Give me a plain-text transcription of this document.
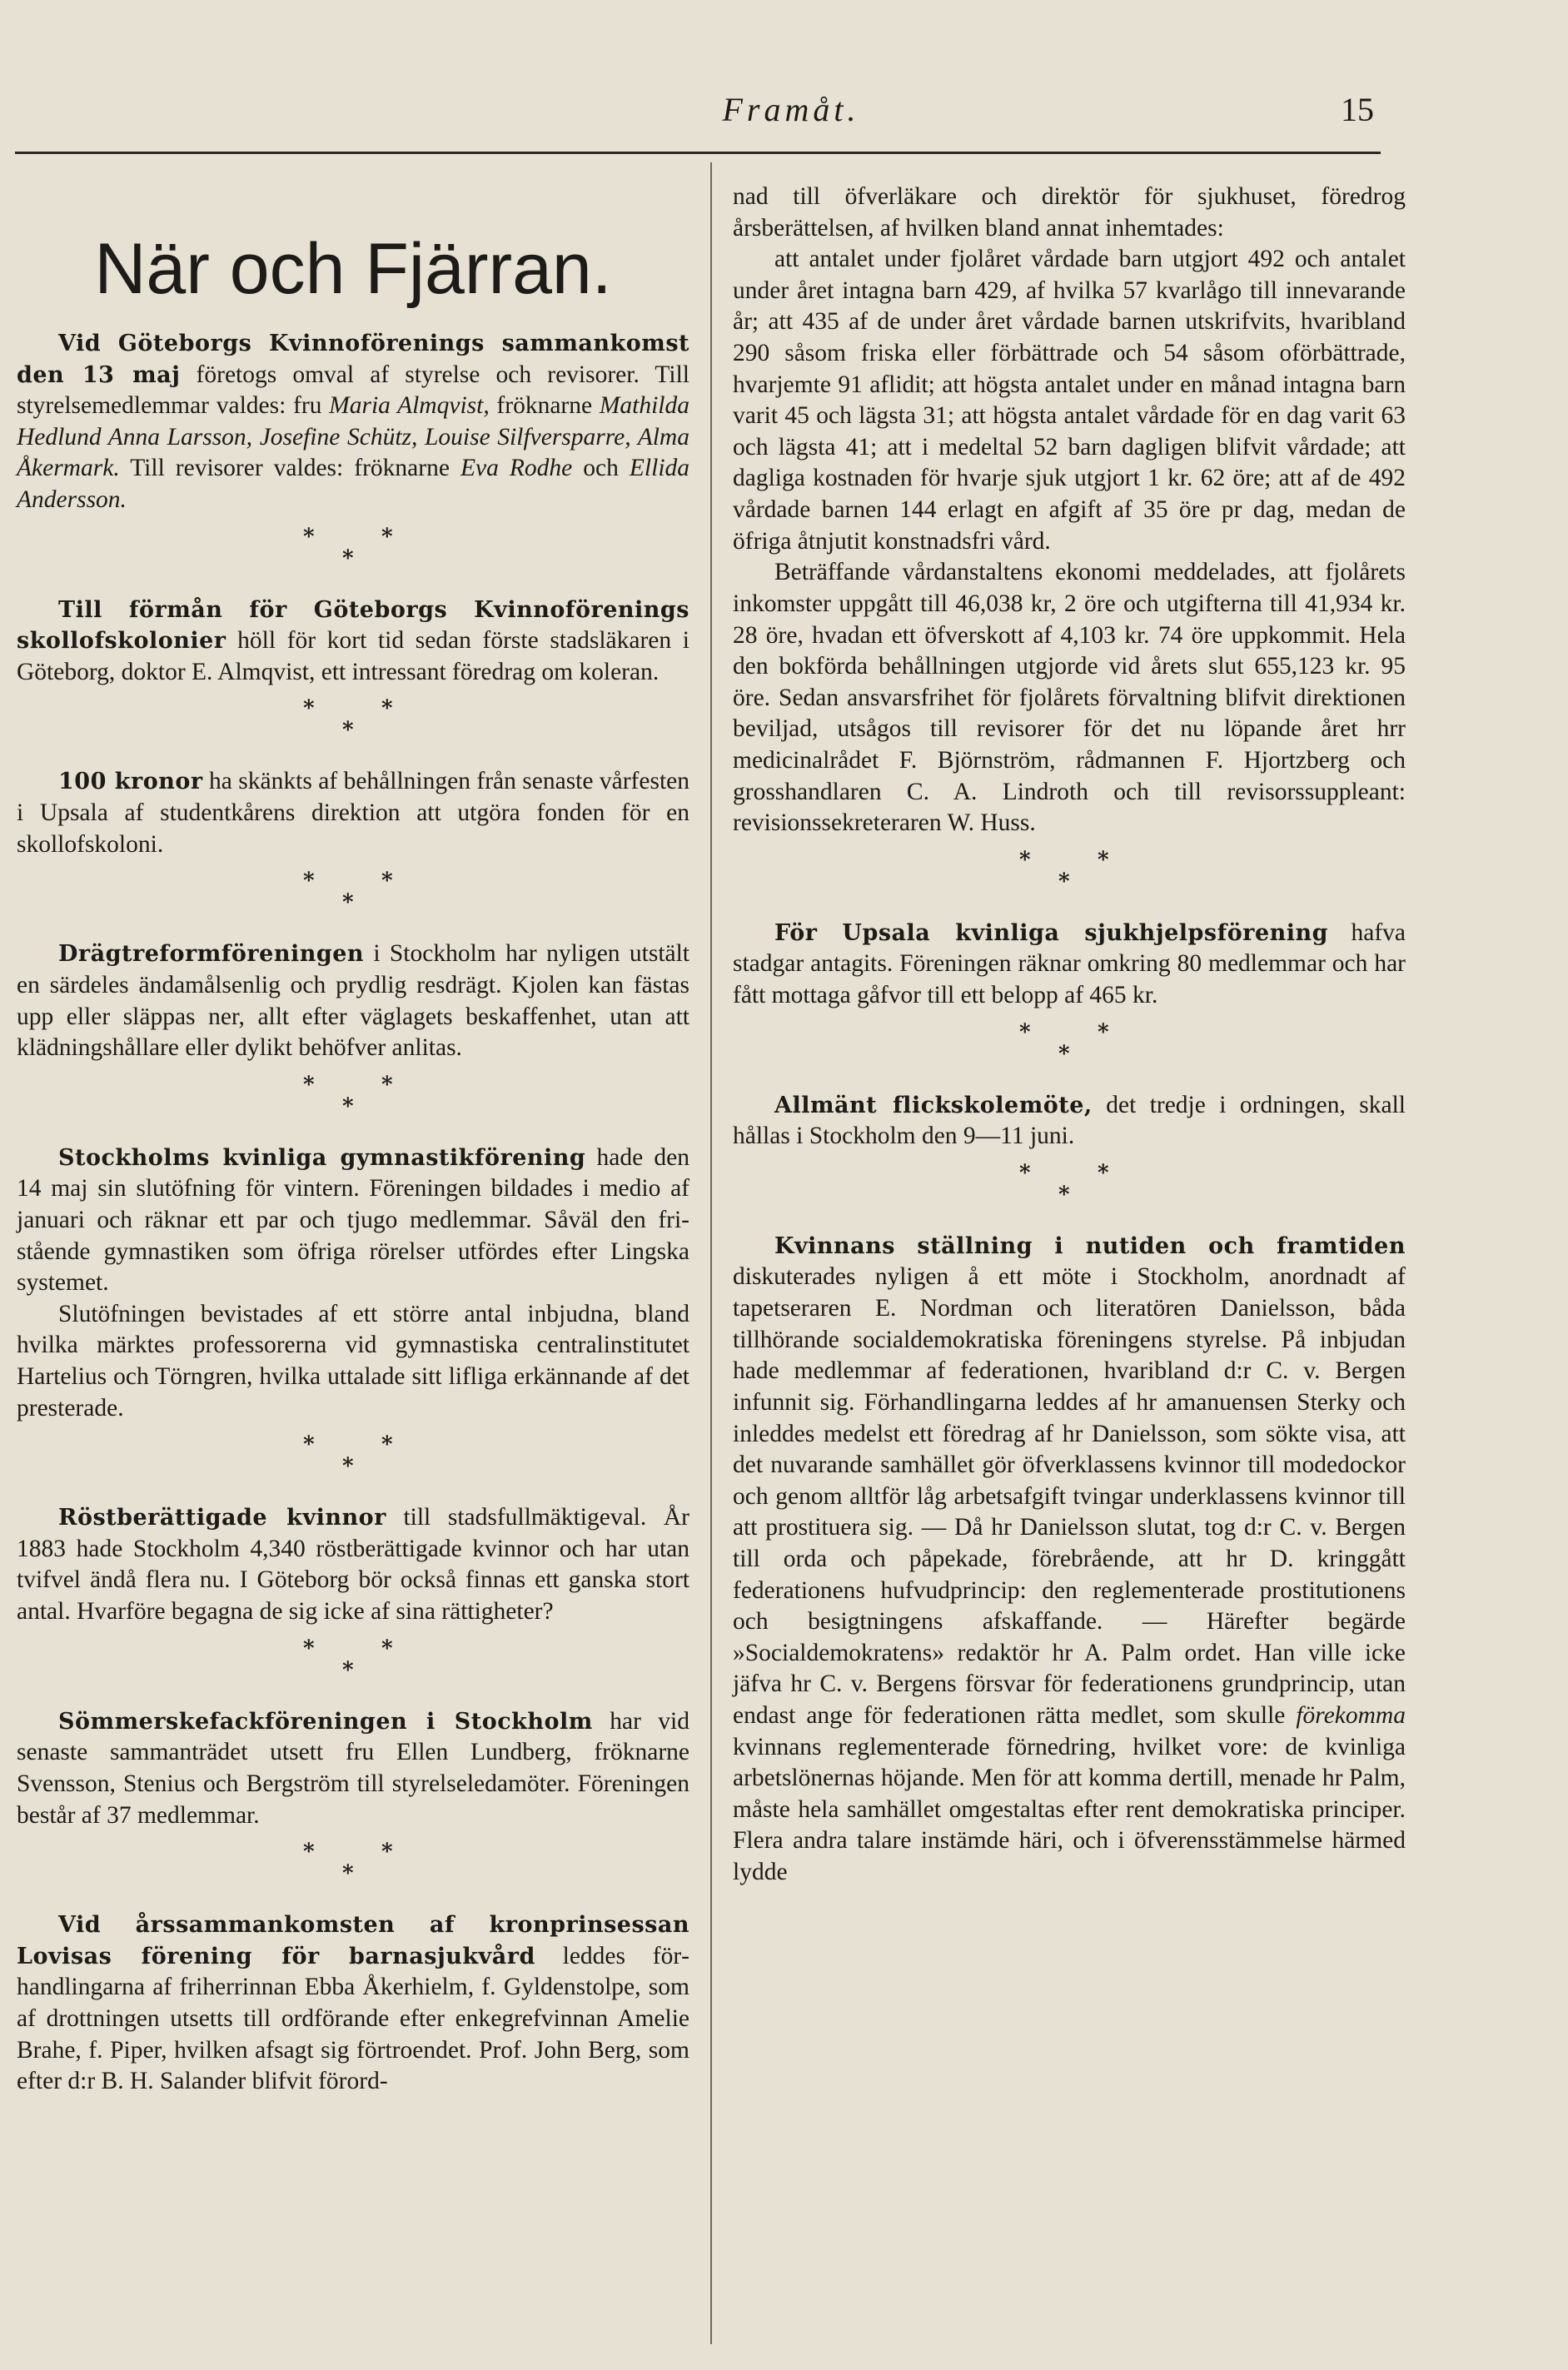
Framåt.	15
När och Fjärran.

Vid Göteborgs Kvinnoförenings sammankomst den 13 maj företogs omval af styrelse och revisorer. Till styrelsemedlemmar valdes: fru Maria Almqvist, fröknarne Mathilda Hedlund Anna Larsson, Josefine Schütz, Louise Silfversparre, Alma Åkermark. Till revisorer valdes: fröknarne Eva Rodhe och Ellida Andersson.

*	*
*

Till förmån för Göteborgs Kvinnoförenings skollofskolonier höll för kort tid sedan förste stadsläkaren i Göteborg, doktor E. Almqvist, ett intressant föredrag om koleran.

*	*
*

100 kronor ha skänkts af behållningen från senaste vårfesten i Upsala af studentkårens direktion att utgöra fonden för en skollofskoloni.

*	*
*

Drägtreformföreningen i Stockholm har nyligen utstält en särdeles ändamålsenlig och prydlig resdrägt. Kjolen kan fästas upp eller släppas ner, allt efter väglagets beskaffenhet, utan att klädningshållare eller dylikt behöfver anlitas.

*	*
*

Stockholms kvinliga gymnastikförening hade den 14 maj sin slutöfning för vintern. Föreningen bildades i medio af januari och räknar ett par och tjugo medlemmar. Såväl den fristående gymnastiken som öfriga rörelser utfördes efter Lingska systemet.

Slutöfningen bevistades af ett större antal inbjudna, bland hvilka märktes professorerna vid gymnastiska centralinstitutet Hartelius och Törngren, hvilka uttalade sitt lifliga erkännande af det presterade.

*	*
*

Röstberättigade kvinnor till stadsfullmäktigeval. År 1883 hade Stockholm 4,340 röstberättigade kvinnor och har utan tvifvel ändå flera nu. I Göteborg bör också finnas ett ganska stort antal. Hvarföre begagna de sig icke af sina rättigheter?

*	*
*

Sömmerskefackföreningen i Stockholm har vid senaste sammanträdet utsett fru Ellen Lundberg, fröknarne Svensson, Stenius och Bergström till styrelseledamöter. Föreningen består af 37 medlemmar.

*	*
*

Vid årssammankomsten af kronprinsessan Lovisas förening för barnasjukvård leddes förhandlingarna af friherrinnan Ebba Åkerhielm, f. Gyldenstolpe, som af drottningen utsetts till ordförande efter enkegrefvinnan Amelie Brahe, f. Piper, hvilken afsagt sig förtroendet. Prof. John Berg, som efter d:r B. H. Salander blifvit förord-

nad till öfverläkare och direktör för sjukhuset, föredrog årsberättelsen, af hvilken bland annat inhemtades:

att antalet under fjolåret vårdade barn utgjort 492 och antalet under året intagna barn 429, af hvilka 57 kvarlågo till innevarande år; att 435 af de under året vårdade barnen utskrifvits, hvaribland 290 såsom friska eller förbättrade och 54 såsom oförbättrade, hvarjemte 91 aflidit; att högsta antalet under en månad intagna barn varit 45 och lägsta 31; att högsta antalet vårdade för en dag varit 63 och lägsta 41; att i medeltal 52 barn dagligen blifvit vårdade; att dagliga kostnaden för hvarje sjuk utgjort 1 kr. 62 öre; att af de 492 vårdade barnen 144 erlagt en afgift af 35 öre pr dag, medan de öfriga åtnjutit konstnadsfri vård.

Beträffande vårdanstaltens ekonomi meddelades, att fjolårets inkomster uppgått till 46,038 kr, 2 öre och utgifterna till 41,934 kr. 28 öre, hvadan ett öfverskott af 4,103 kr. 74 öre uppkommit. Hela den bokförda behållningen utgjorde vid årets slut 655,123 kr. 95 öre. Sedan ansvarsfrihet för fjolårets förvaltning blifvit direktionen beviljad, utsågos till revisorer för det nu löpande året hrr medicinalrådet F. Björnström, rådmannen F. Hjortzberg och grosshandlaren C. A. Lindroth och till revisorssuppleant: revisionssekreteraren W. Huss.

*	*
*

För Upsala kvinliga sjukhjelpsförening hafva stadgar antagits. Föreningen räknar omkring 80 medlemmar och har fått mottaga gåfvor till ett belopp af 465 kr.

*	*
*

Allmänt flickskolemöte, det tredje i ordningen, skall hållas i Stockholm den 9—11 juni.

*	*
*

Kvinnans ställning i nutiden och framtiden diskuterades nyligen å ett möte i Stockholm, anordnadt af tapetseraren E. Nordman och literatören Danielsson, båda tillhörande socialdemokratiska föreningens styrelse. På inbjudan hade medlemmar af federationen, hvaribland d:r C. v. Bergen infunnit sig. Förhandlingarna leddes af hr amanuensen Sterky och inleddes medelst ett föredrag af hr Danielsson, som sökte visa, att det nuvarande samhället gör öfverklassens kvinnor till modedockor och genom alltför låg arbetsafgift tvingar underklassens kvinnor till att prostituera sig. — Då hr Danielsson slutat, tog d:r C. v. Bergen till orda och påpekade, förebrående, att hr D. kringgått federationens hufvudprincip: den reglementerade prostitutionens och besigtningens afskaffande. — Härefter begärde »Socialdemokratens» redaktör hr A. Palm ordet. Han ville icke jäfva hr C. v. Bergens försvar för federationens grundprincip, utan endast ange för federationen rätta medlet, som skulle förekomma kvinnans reglementerade förnedring, hvilket vore: de kvinliga arbetslönernas höjande. Men för att komma dertill, menade hr Palm, måste hela samhället omgestaltas efter rent demokratiska principer. Flera andra talare instämde häri, och i öfverensstämmelse härmed lydde
